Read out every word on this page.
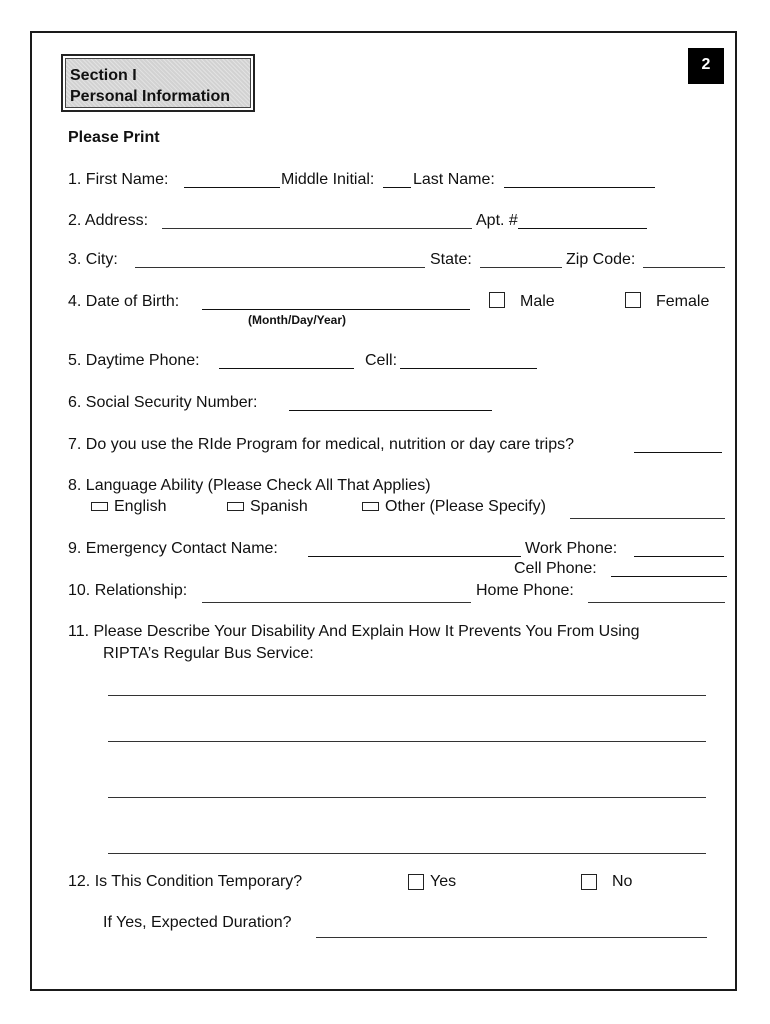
Section I
Personal Information
2
Please Print
1. First Name:	Middle Initial: Last Name:
2. Address:	Apt. #
3. City:	State:	Zip Code:
4. Date of Birth:
(Month/Day/Year)
Male	Female
5. Daytime Phone:	Cell:
6. Social Security Number:
7. Do you use the RIde Program for medical, nutrition or day care trips?
8. Language Ability (Please Check All That Applies)
English	Spanish	Other (Please Specify)
9. Emergency Contact Name:	Work Phone:
Cell Phone:
10. Relationship:	Home Phone:
11. Please Describe Your Disability And Explain How It Prevents You From Using
RIPTA’s Regular Bus Service:
12. Is This Condition Temporary?	Yes	No
If Yes, Expected Duration?
